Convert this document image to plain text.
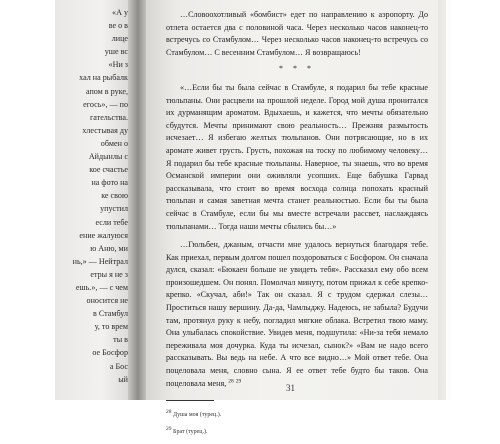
«А у
ве о в
лице
уше вс
«Ни з
хал на рыбалк
апом в руке,
егось», — по
гательства.
хлестывая ду
обмен о
Айдынлы с
кое счастье
на фото на
ке свою
упустил
если тебе
ение жалуюся
ю Аню, ми
нь,» — Нейтрал
етры я не з
ешь.», — с чем
оносится не
в Стамбул
у, то врем
ты в
ое Босфор
а Бос
ый

…Словоохотливый «бомбист» едет по направлению к аэропорту. До отлета остается два с половиной часа. Через несколько часов наконец-то встречусь со Стамбулом… Через несколько часов наконец-то встречусь со Стамбулом… С весенним Стамбулом… Я возвращаюсь!

* * *

«…Если бы ты была сейчас в Стамбуле, я подарил бы тебе красные тюльпаны. Они расцвели на прошлой неделе. Город мой душа пронитался их дурманящим ароматом. Вдыхаешь, и кажется, что мечты обязательно сбудутся. Мечты принимают свою реальность… Прежняя размытость исчезает… Я избегаю желтых тюльпанов. Они потрясающие, но в их аромате живет грусть. Грусть, похожая на тоску по любимому человеку… Я подарил бы тебе красные тюльпаны. Наверное, ты знаешь, что во время Османской империи они оживляли усопших. Еще бабушка Гарвад рассказывала, что стоит во время восхода солнца попохать красный тюльпан и самая заветная мечта станет реальностью. Если бы ты была сейчас в Стамбуле, если бы мы вместе встречали рассвет, наслаждаясь тюльпанами… Тогда наши мечты сбылись бы…»

…Гюльбен, джаным, отчасти мне удалось вернуться благодаря тебе. Как приехал, первым долгом пошел поздороваться с Босфором. Он сначала дулся, сказал: «Бюкаен больше не увидеть тебя». Рассказал ему обо всем произошедшем. Он понял. Помолчал минуту, потом прижал к себе крепко-крепко. «Скучал, аби!» Так он сказал. Я с трудом сдержал слезы… Проститься нашу вершину. Да-да, Чамлыджу. Надеюсь, не забыла? Будучи там, протянул руку к небу, погладил мягкие облака. Встретил твою маму. Она улыбалась спокойствие. Увидев меня, подшутила: «Ни-за тебя немало переживала моя дочурка. Куда ты исчезал, сынок?» «Вам не надо всего рассказывать. Вы ведь на небе. А что все видно…» Мой ответ тебе. Она поцеловала меня, словно сына. Я ее ответ тебе будто бы таков. Она поцеловала меня, $^{28}$ $^{29}$

$^{28}$ Душа моя (турец.).
$^{29}$ Брат (турец.).
31
